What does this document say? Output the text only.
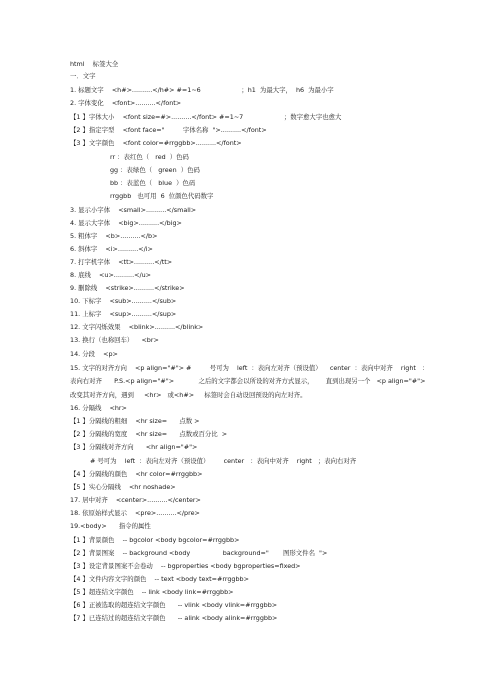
html    标签大全
一．文字
1. 标题文字    <h#>..........</h#> #=1~6                    ；h1  为最大字，  h6  为最小字
2. 字体变化    <font>..........</font>
【1 】字体大小    <font size=#>..........</font> #=1~7                    ；数字愈大字也愈大
【2 】指定字型    <font face="         字体名称  ">..........</font>
【3 】文字颜色    <font color=#rrggbb>..........</font>
rr ：表红色（   red  ）色码
gg ：表绿色（   green  ）色码
bb ：表蓝色（   blue  ）色码
rrggbb   也可用  6  位颜色代码数字
3. 显示小字体    <small>..........</small>
4. 显示大字体    <big>..........</big>
5. 粗体字    <b>..........</b>
6. 斜体字    <i>..........</i>
7. 打字机字体    <tt>..........</tt>
8. 底线    <u>..........</u>
9. 删除线    <strike>..........</strike>
10. 下标字    <sub>..........</sub>
11. 上标字    <sup>..........</sup>
12. 文字闪烁效果    <blink>..........</blink>
13. 换行（也称回车）    <br>
14. 分段    <p>
15. 文字的对齐方向    <p align="#"> #         号可为    left  ：表向左对齐（预设值）    center  ：表向中对齐    right   ：
表向右对齐      P.S.<p align="#">            之后的文字都会以所设的对齐方式显示，      直到出现另一个   <p align="#">
改变其对齐方向，遇到     <hr>   或<h#>     标签时会自动设回预设的向左对齐。
16. 分隔线    <hr>
【1 】分隔线的粗细    <hr size=      点数 >
【2 】分隔线的宽度    <hr size=      点数或百分比  >
【3 】分隔线对齐方向      <hr align="#">
# 号可为    left  ：表向左对齐（预设值）       center   ：表向中对齐    right   ；表向右对齐
【4 】分隔线的颜色    <hr color=#rrggbb>
【5 】实心分隔线    <hr noshade>
17. 居中对齐    <center>..........</center>
18. 依原始样式显示    <pre>..........</pre>
19.<body>      指令的属性
【1 】背景颜色    -- bgcolor <body bgcolor=#rrggbb>
【2 】背景图案    -- background <body                background="       图形文件名  ">
【3 】设定背景图案不会卷动    -- bgproperties <body bgproperties=fixed>
【4 】文件内容文字的颜色    -- text <body text=#rrggbb>
【5 】超连结文字颜色    -- link <body link=#rrggbb>
【6 】正被选取的超连结文字颜色      -- vlink <body vlink=#rrggbb>
【7 】已连结过的超连结文字颜色      -- alink <body alink=#rrggbb>
